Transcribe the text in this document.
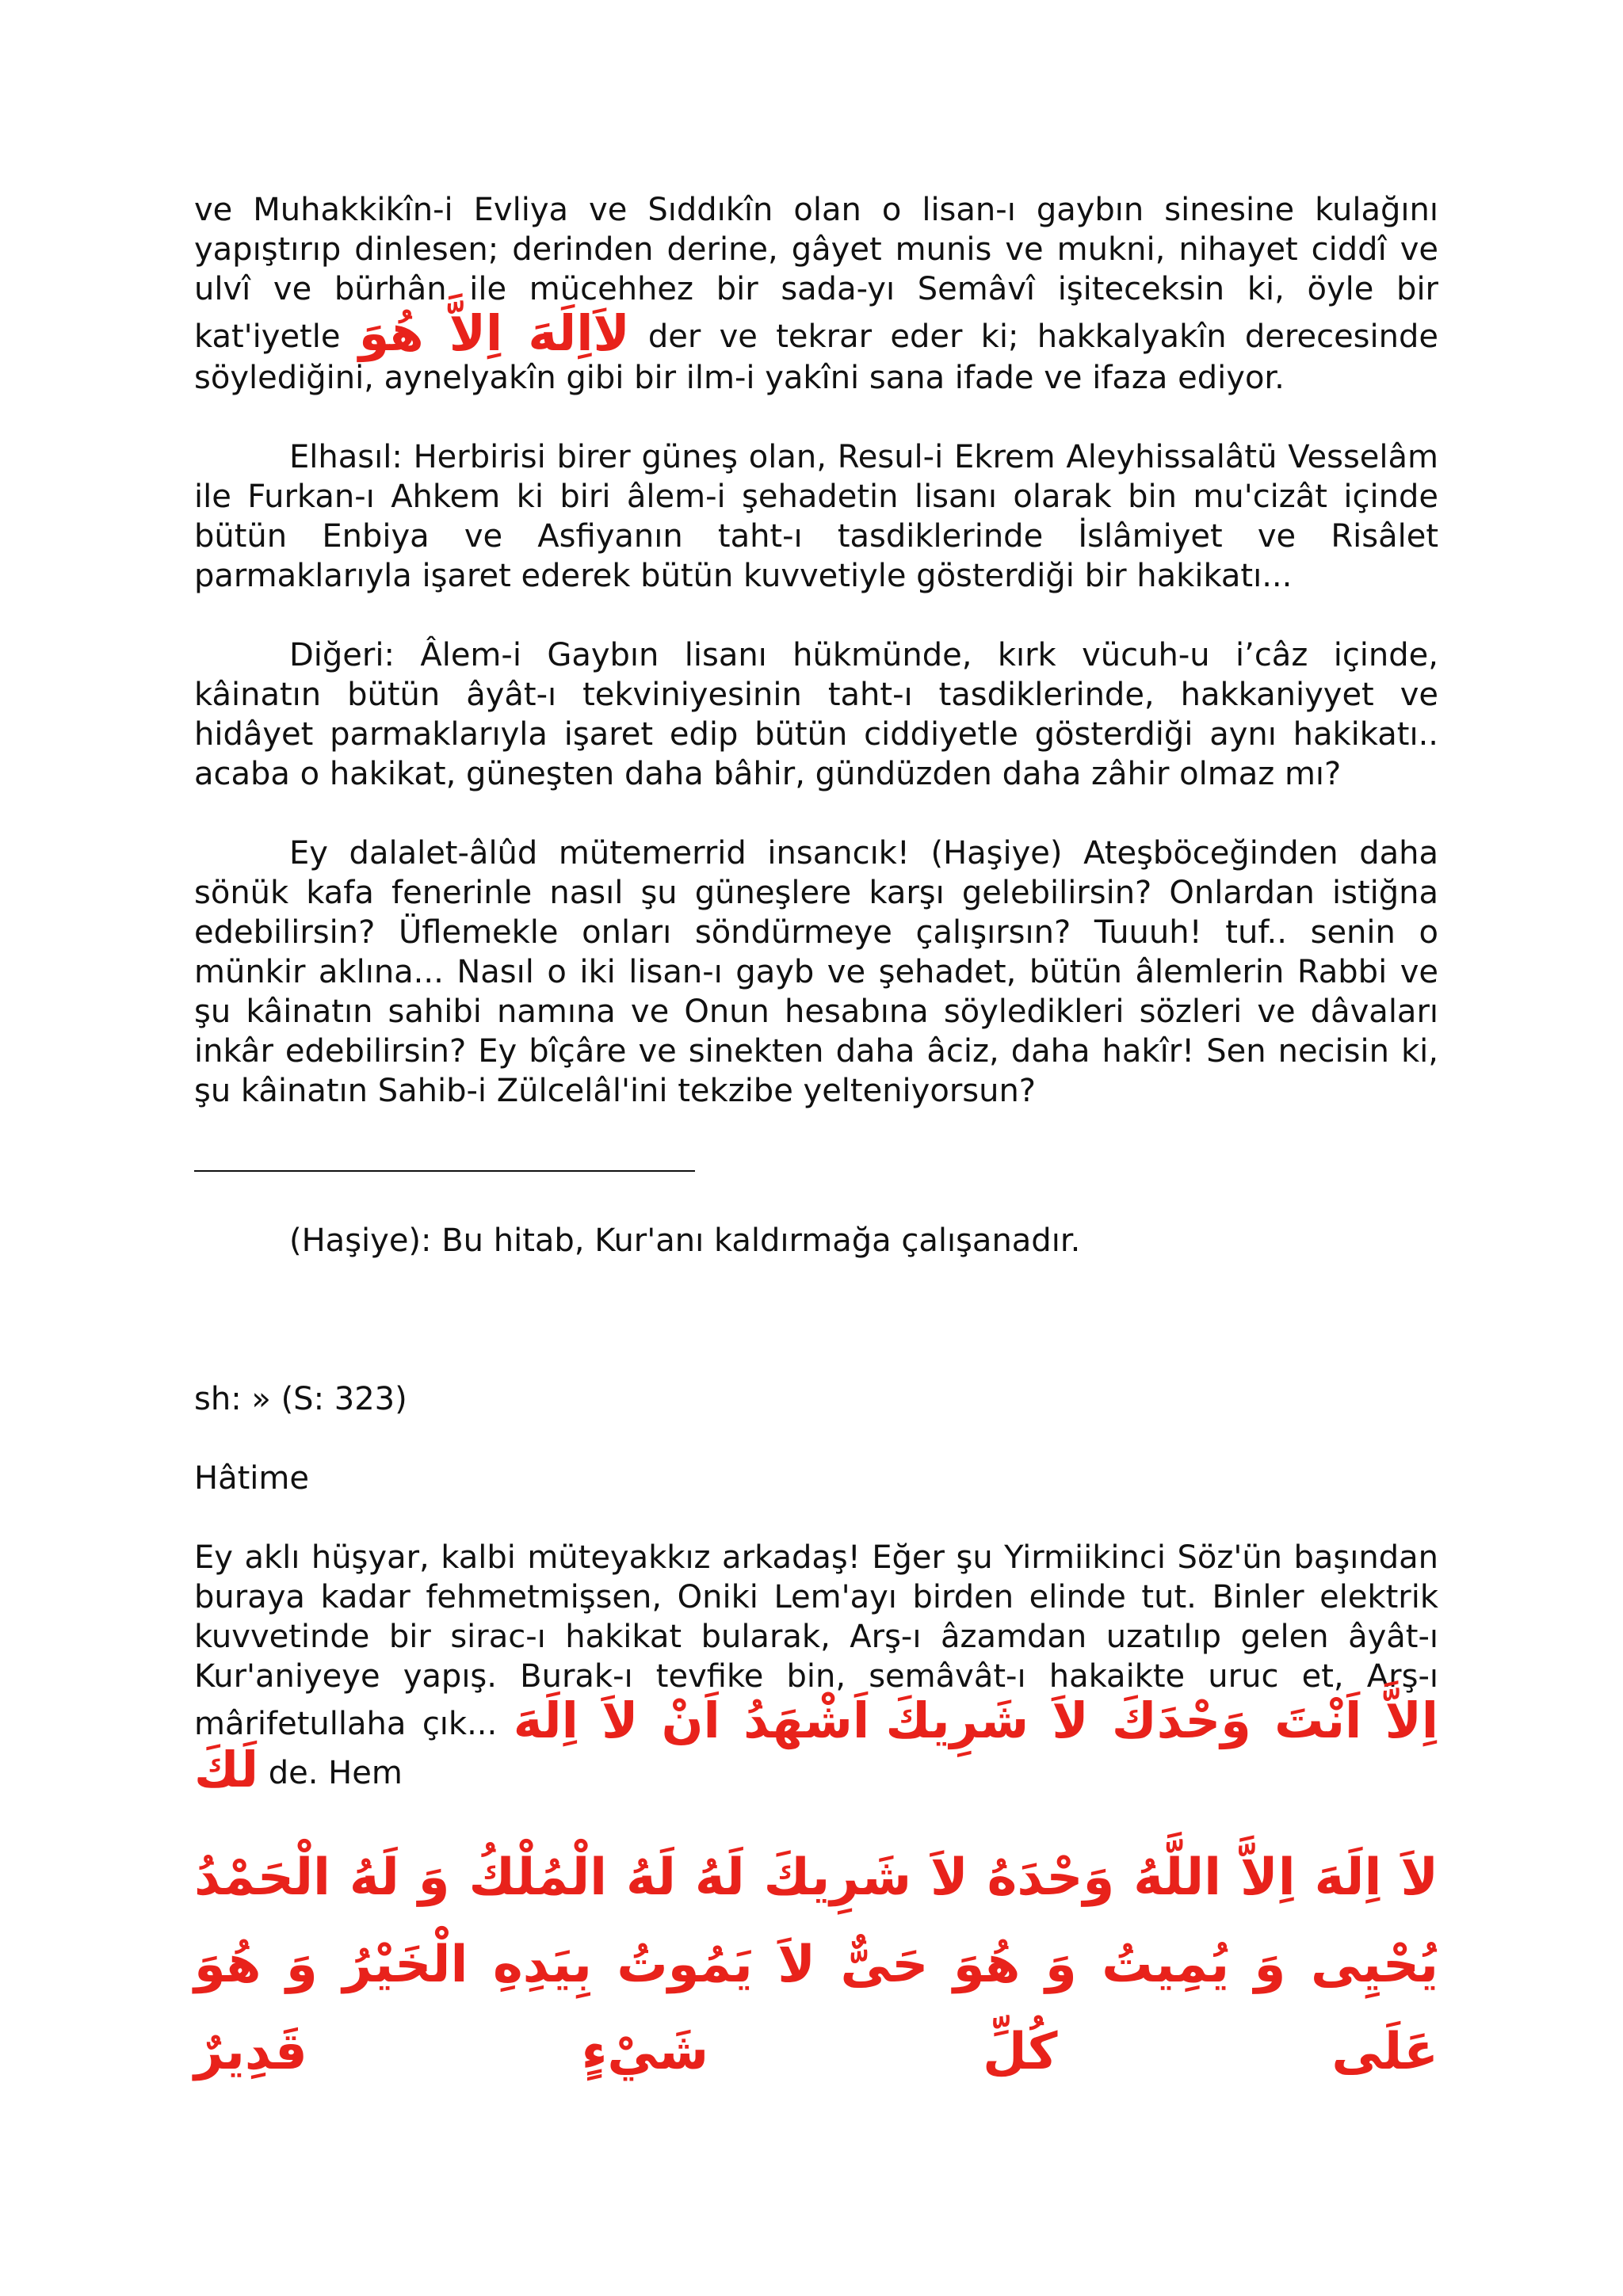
ve Muhakkikîn-i Evliya ve Sıddıkîn olan o lisan-ı gaybın sinesine kulağını yapıştırıp dinlesen; derinden derine, gâyet munis ve mukni, nihayet ciddî ve ulvî ve bürhân ile mücehhez bir sada-yı Semâvî işiteceksin ki, öyle bir kat'iyetle لاَاِلَهَ اِلاَّ هُوَ der ve tekrar eder ki; hakkalyakîn derecesinde söylediğini, aynelyakîn gibi bir ilm-i yakîni sana ifade ve ifaza ediyor.

Elhasıl: Herbirisi birer güneş olan, Resul-i Ekrem Aleyhissalâtü Vesselâm ile Furkan-ı Ahkem ki biri âlem-i şehadetin lisanı olarak bin mu'cizât içinde bütün Enbiya ve Asfiyanın taht-ı tasdiklerinde İslâmiyet ve Risâlet parmaklarıyla işaret ederek bütün kuvvetiyle gösterdiği bir hakikatı...

Diğeri: Âlem-i Gaybın lisanı hükmünde, kırk vücuh-u i’câz içinde, kâinatın bütün âyât-ı tekviniyesinin taht-ı tasdiklerinde, hakkaniyyet ve hidâyet parmaklarıyla işaret edip bütün ciddiyetle gösterdiği aynı hakikatı.. acaba o hakikat, güneşten daha bâhir, gündüzden daha zâhir olmaz mı?

Ey dalalet-âlûd mütemerrid insancık! (Haşiye) Ateşböceğinden daha sönük kafa fenerinle nasıl şu güneşlere karşı gelebilirsin? Onlardan istiğna edebilirsin? Üflemekle onları söndürmeye çalışırsın? Tuuuh! tuf.. senin o münkir aklına... Nasıl o iki lisan-ı gayb ve şehadet, bütün âlemlerin Rabbi ve şu kâinatın sahibi namına ve Onun hesabına söyledikleri sözleri ve dâvaları inkâr edebilirsin? Ey bîçâre ve sinekten daha âciz, daha hakîr! Sen necisin ki, şu kâinatın Sahib-i Zülcelâl'ini tekzibe yelteniyorsun?

(Haşiye): Bu hitab, Kur'anı kaldırmağa çalışanadır.

sh: » (S: 323)

Hâtime

Ey aklı hüşyar, kalbi müteyakkız arkadaş! Eğer şu Yirmiikinci Söz'ün başından buraya kadar fehmetmişsen, Oniki Lem'ayı birden elinde tut. Binler elektrik kuvvetinde bir sirac-ı hakikat bularak, Arş-ı âzamdan uzatılıp gelen âyât-ı Kur'aniyeye yapış. Burak-ı tevfike bin, semâvât-ı hakaikte uruc et, Arş-ı mârifetullaha çık... اَشْهَدُ اَنْ لاَ اِلَهَ اِلاَّ اَنْتَ وَحْدَكَ لاَ شَرِيكَ لَكَ de. Hem

لاَ اِلَهَ اِلاَّ اللَّهُ وَحْدَهُ لاَ شَرِيكَ لَهُ لَهُ الْمُلْكُ وَ لَهُ الْحَمْدُ يُحْيِى وَ يُمِيتُ وَ هُوَ حَىٌّ لاَ يَمُوتُ بِيَدِهِ الْخَيْرُ وَ هُوَ عَلَى كُلِّ شَيْءٍ قَدِيرٌ
